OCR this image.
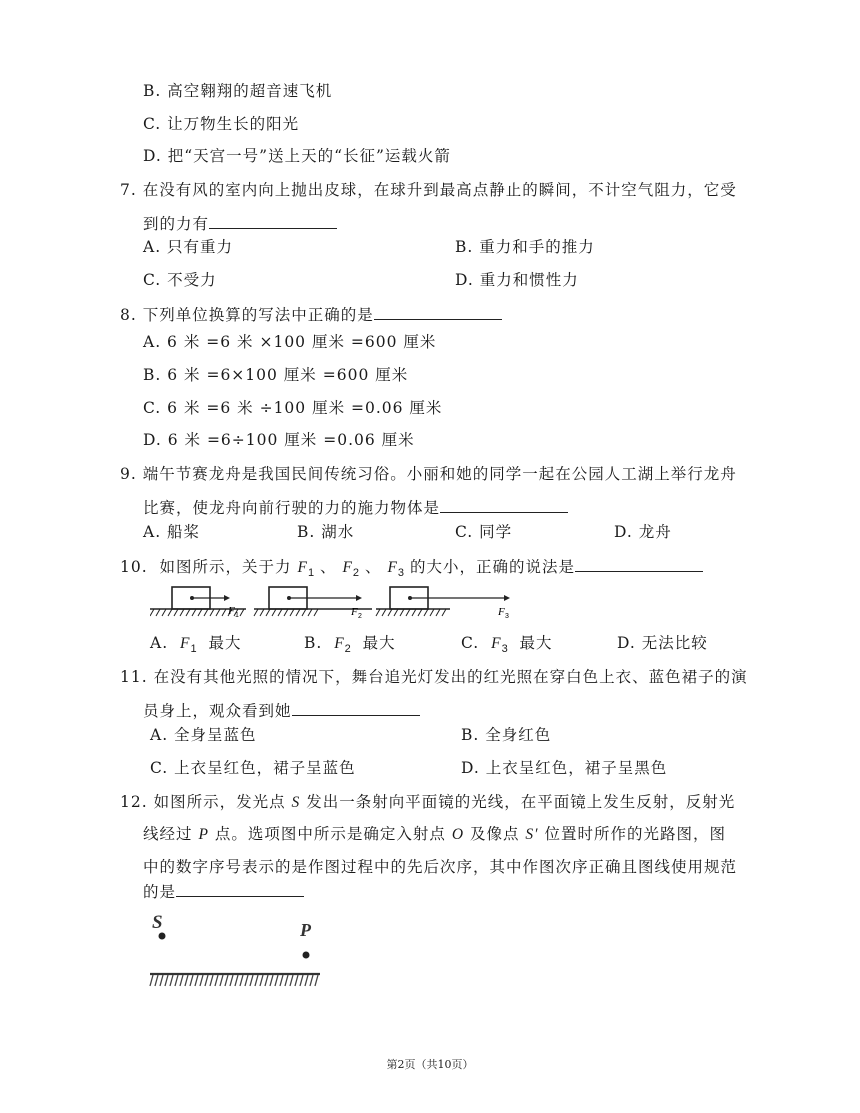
B. 高空翱翔的超音速飞机
C. 让万物生长的阳光
D. 把“天宫一号”送上天的“长征”运载火箭
7. 在没有风的室内向上抛出皮球，在球升到最高点静止的瞬间，不计空气阻力，它受
到的力有
A. 只有重力	B. 重力和手的推力
C. 不受力	D. 重力和惯性力
8. 下列单位换算的写法中正确的是
A. 6 米 =6 米 ×100 厘米 =600 厘米
B. 6 米 =6×100 厘米 =600 厘米
C. 6 米 =6 米 ÷100 厘米 =0.06 厘米
D. 6 米 =6÷100 厘米 =0.06 厘米
9. 端午节赛龙舟是我国民间传统习俗。小丽和她的同学一起在公园人工湖上举行龙舟
比赛，使龙舟向前行驶的力的施力物体是
A. 船桨	B. 湖水	C. 同学	D. 龙舟
10. 如图所示，关于力 $F_1$ 、 $F_2$ 、 $F_3$ 的大小，正确的说法是
F 1	F 2	F 3
A. $F_1$ 最大	B. $F_2$ 最大	C. $F_3$ 最大	D. 无法比较
11. 在没有其他光照的情况下，舞台追光灯发出的红光照在穿白色上衣、蓝色裙子的演
员身上，观众看到她
A. 全身呈蓝色	B. 全身红色
C. 上衣呈红色，裙子呈蓝色	D. 上衣呈红色，裙子呈黑色
12. 如图所示，发光点 S 发出一条射向平面镜的光线，在平面镜上发生反射，反射光
线经过 P 点。选项图中所示是确定入射点 O 及像点 S′ 位置时所作的光路图，图
中的数字序号表示的是作图过程中的先后次序，其中作图次序正确且图线使用规范
的是
S	P
第2页（共10页）
